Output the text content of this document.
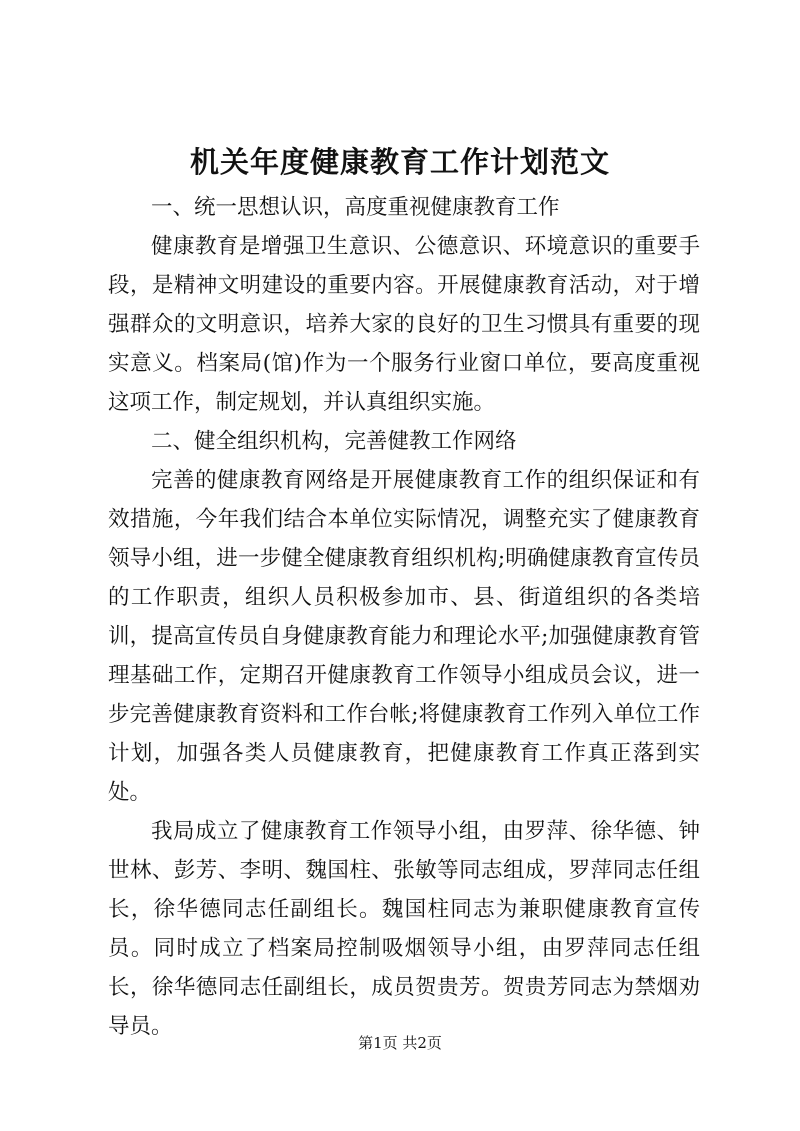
机关年度健康教育工作计划范文

一、统一思想认识，高度重视健康教育工作

健康教育是增强卫生意识、公德意识、环境意识的重要手段，是精神文明建设的重要内容。开展健康教育活动，对于增强群众的文明意识，培养大家的良好的卫生习惯具有重要的现实意义。档案局(馆)作为一个服务行业窗口单位，要高度重视这项工作，制定规划，并认真组织实施。

二、健全组织机构，完善健教工作网络

完善的健康教育网络是开展健康教育工作的组织保证和有效措施，今年我们结合本单位实际情况，调整充实了健康教育领导小组，进一步健全健康教育组织机构;明确健康教育宣传员的工作职责，组织人员积极参加市、县、街道组织的各类培训，提高宣传员自身健康教育能力和理论水平;加强健康教育管理基础工作，定期召开健康教育工作领导小组成员会议，进一步完善健康教育资料和工作台帐;将健康教育工作列入单位工作计划，加强各类人员健康教育，把健康教育工作真正落到实处。

我局成立了健康教育工作领导小组，由罗萍、徐华德、钟世林、彭芳、李明、魏国柱、张敏等同志组成，罗萍同志任组长，徐华德同志任副组长。魏国柱同志为兼职健康教育宣传员。同时成立了档案局控制吸烟领导小组，由罗萍同志任组长，徐华德同志任副组长，成员贺贵芳。贺贵芳同志为禁烟劝导员。

第1页 共2页
